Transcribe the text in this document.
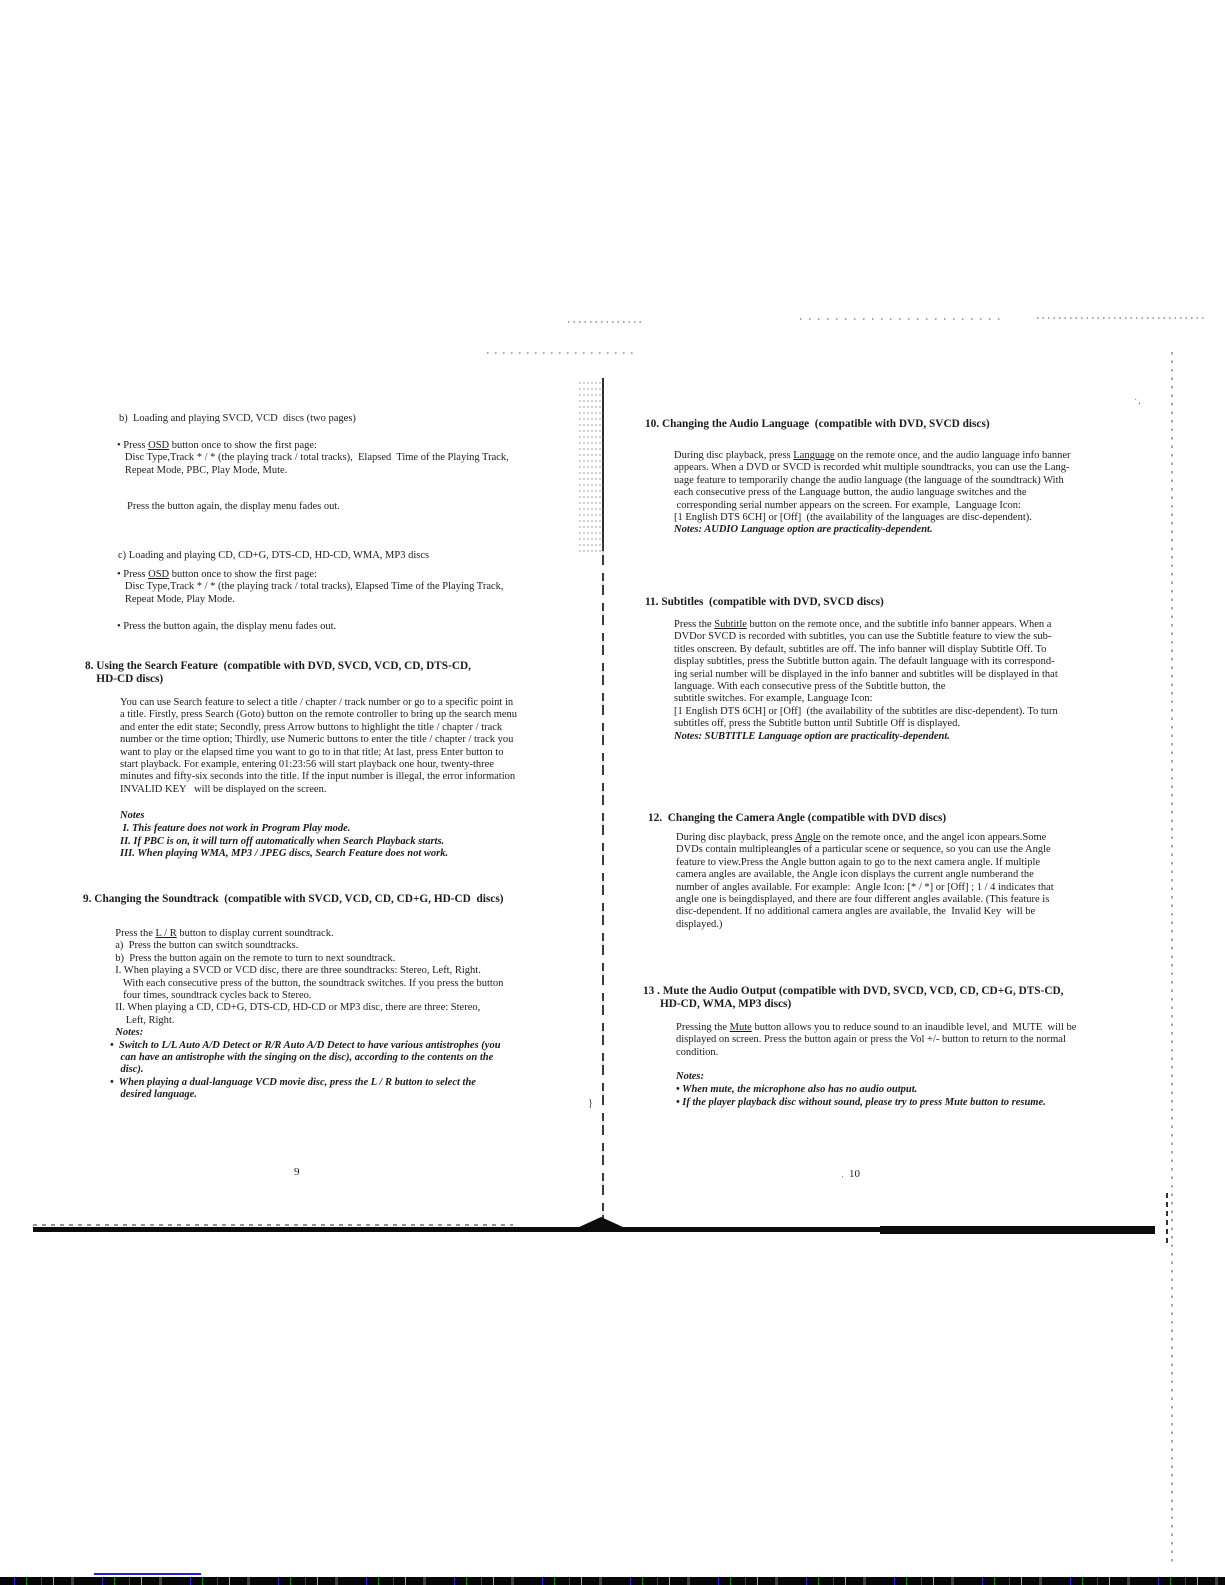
b)  Loading and playing SVCD, VCD  discs (two pages)
• Press OSD button once to show the first page:
Disc Type,Track * / * (the playing track / total tracks),  Elapsed  Time of the Playing Track,
Repeat Mode, PBC, Play Mode, Mute.
Press the button again, the display menu fades out.
c) Loading and playing CD, CD+G, DTS-CD, HD-CD, WMA, MP3 discs
• Press OSD button once to show the first page:
Disc Type,Track * / * (the playing track / total tracks), Elapsed Time of the Playing Track,
Repeat Mode, Play Mode.
• Press the button again, the display menu fades out.
8. Using the Search Feature  (compatible with DVD, SVCD, VCD, CD, DTS-CD,
HD-CD discs)
You can use Search feature to select a title / chapter / track number or go to a specific point in
a title. Firstly, press Search (Goto) button on the remote controller to bring up the search menu
and enter the edit state; Secondly, press Arrow buttons to highlight the title / chapter / track
number or the time option; Thirdly, use Numeric buttons to enter the title / chapter / track you
want to play or the elapsed time you want to go to in that title; At last, press Enter button to
start playback. For example, entering 01:23:56 will start playback one hour, twenty-three
minutes and fifty-six seconds into the title. If the input number is illegal, the error information
INVALID KEY   will be displayed on the screen.
Notes
I. This feature does not work in Program Play mode.
II. If PBC is on, it will turn off automatically when Search Playback starts.
III. When playing WMA, MP3 / JPEG discs, Search Feature does not work.
9. Changing the Soundtrack  (compatible with SVCD, VCD, CD, CD+G, HD-CD  discs)
Press the L / R button to display current soundtrack.
a)  Press the button can switch soundtracks.
b)  Press the button again on the remote to turn to next soundtrack.
I. When playing a SVCD or VCD disc, there are three soundtracks: Stereo, Left, Right.
With each consecutive press of the button, the soundtrack switches. If you press the button
four times, soundtrack cycles back to Stereo.
II. When playing a CD, CD+G, DTS-CD, HD-CD or MP3 disc, there are three: Stereo,
Left, Right.
Notes:
•  Switch to L/L Auto A/D Detect or R/R Auto A/D Detect to have various antistrophes (you
can have an antistrophe with the singing on the disc), according to the contents on the
disc).
•  When playing a dual-language VCD movie disc, press the L / R button to select the
desired language.
9
10. Changing the Audio Language  (compatible with DVD, SVCD discs)
During disc playback, press Language on the remote once, and the audio language info banner
appears. When a DVD or SVCD is recorded whit multiple soundtracks, you can use the Lang-
uage feature to temporarily change the audio language (the language of the soundtrack) With
each consecutive press of the Language button, the audio language switches and the
corresponding serial number appears on the screen. For example,  Language Icon:
[1 English DTS 6CH] or [Off]  (the availability of the languages are disc-dependent).
Notes: AUDIO Language option are practicality-dependent.
11. Subtitles  (compatible with DVD, SVCD discs)
Press the Subtitle button on the remote once, and the subtitle info banner appears. When a
DVDor SVCD is recorded with subtitles, you can use the Subtitle feature to view the sub-
titles onscreen. By default, subtitles are off. The info banner will display Subtitle Off. To
display subtitles, press the Subtitle button again. The default language with its correspond-
ing serial number will be displayed in the info banner and subtitles will be displayed in that
language. With each consecutive press of the Subtitle button, the
subtitle switches. For example, Language Icon:
[1 English DTS 6CH] or [Off]  (the availability of the subtitles are disc-dependent). To turn
subtitles off, press the Subtitle button until Subtitle Off is displayed.
Notes: SUBTITLE Language option are practicality-dependent.
12.  Changing the Camera Angle (compatible with DVD discs)
During disc playback, press Angle on the remote once, and the angel icon appears.Some
DVDs contain multipleangles of a particular scene or sequence, so you can use the Angle
feature to view.Press the Angle button again to go to the next camera angle. If multiple
camera angles are available, the Angle icon displays the current angle numberand the
number of angles available. For example:  Angle Icon: [* / *] or [Off] ; 1 / 4 indicates that
angle one is beingdisplayed, and there are four different angles available. (This feature is
disc-dependent. If no additional camera angles are available, the  Invalid Key  will be
displayed.)
13 . Mute the Audio Output (compatible with DVD, SVCD, VCD, CD, CD+G, DTS-CD,
HD-CD, WMA, MP3 discs)
Pressing the Mute button allows you to reduce sound to an inaudible level, and  MUTE  will be
displayed on screen. Press the button again or press the Vol +/- button to return to the normal
condition.
Notes:
• When mute, the microphone also has no audio output.
• If the player playback disc without sound, please try to press Mute button to resume.
· 10
}
·,
